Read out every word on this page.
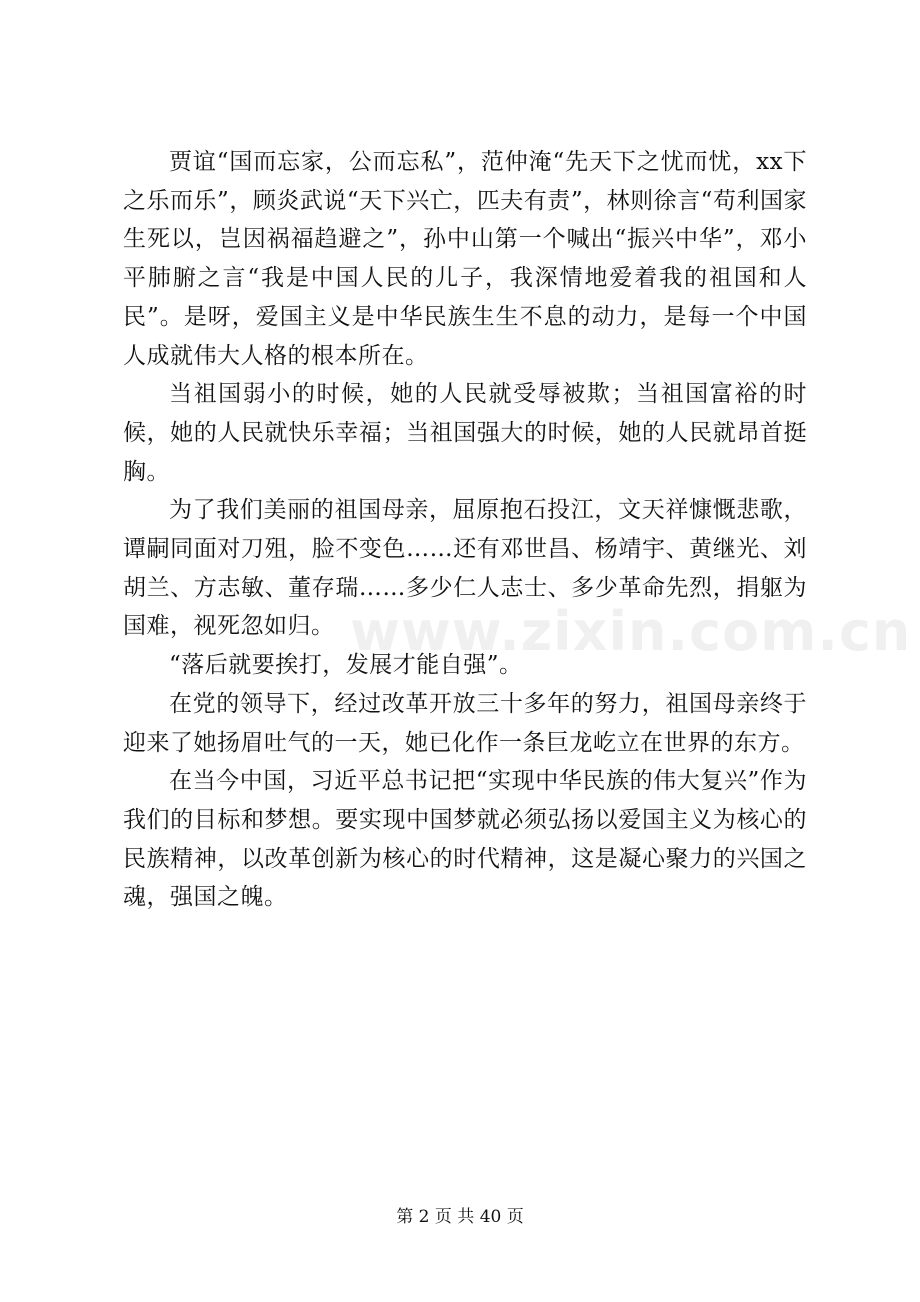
贾谊“国而忘家，公而忘私”，范仲淹“先天下之忧而忧，xx下之乐而乐”，顾炎武说“天下兴亡，匹夫有责”，林则徐言“苟利国家生死以，岂因祸福趋避之”，孙中山第一个喊出“振兴中华”，邓小平肺腑之言“我是中国人民的儿子，我深情地爱着我的祖国和人民”。是呀，爱国主义是中华民族生生不息的动力，是每一个中国人成就伟大人格的根本所在。

当祖国弱小的时候，她的人民就受辱被欺；当祖国富裕的时候，她的人民就快乐幸福；当祖国强大的时候，她的人民就昂首挺胸。

为了我们美丽的祖国母亲，屈原抱石投江，文天祥慷慨悲歌，谭嗣同面对刀殂，脸不变色……还有邓世昌、杨靖宇、黄继光、刘胡兰、方志敏、董存瑞……多少仁人志士、多少革命先烈，捐躯为国难，视死忽如归。

“落后就要挨打，发展才能自强”。

在党的领导下，经过改革开放三十多年的努力，祖国母亲终于迎来了她扬眉吐气的一天，她已化作一条巨龙屹立在世界的东方。

在当今中国，习近平总书记把“实现中华民族的伟大复兴”作为我们的目标和梦想。要实现中国梦就必须弘扬以爱国主义为核心的民族精神，以改革创新为核心的时代精神，这是凝心聚力的兴国之魂，强国之魄。

www.zixin.com.cn
第 2 页 共 40 页
